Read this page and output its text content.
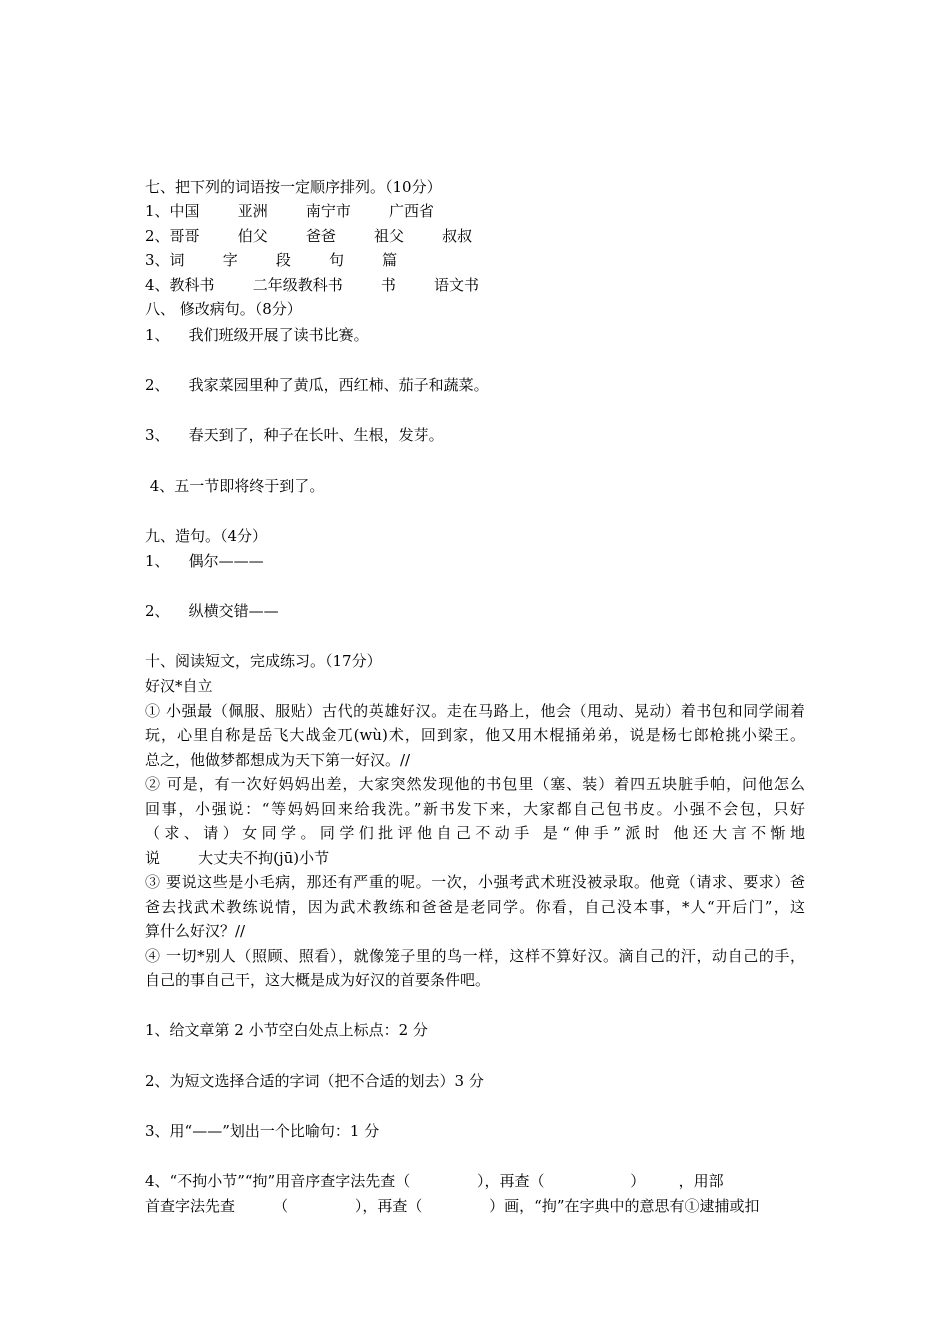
七、把下列的词语按一定顺序排列。（10分）
1、中国        亚洲        南宁市        广西省
2、哥哥        伯父        爸爸        祖父        叔叔
3、词        字        段        句        篇
4、教科书        二年级教科书        书        语文书
八、 修改病句。（8分）
1、    我们班级开展了读书比赛。
2、    我家菜园里种了黄瓜，西红柿、茄子和蔬菜。
3、    春天到了，种子在长叶、生根，发芽。
4、五一节即将终于到了。
九、造句。（4分）
1、    偶尔———
2、    纵横交错——
十、阅读短文，完成练习。（17分）
好汉*自立
① 小强最（佩服、服贴）古代的英雄好汉。走在马路上，他会（甩动、晃动）着书包和同学闹着
玩，心里自称是岳飞大战金兀(wù)术，回到家，他又用木棍捅弟弟，说是杨七郎枪挑小梁王。
总之，他做梦都想成为天下第一好汉。//
② 可是，有一次好妈妈出差，大家突然发现他的书包里（塞、装）着四五块脏手帕，问他怎么
回事，小强说：“等妈妈回来给我洗。”新书发下来，大家都自己包书皮。小强不会包，只好
（求、请）女同学。同学们批评他自己不动手 是“伸手”派时 他还大言不惭地
说        大丈夫不拘(jū)小节
③ 要说这些是小毛病，那还有严重的呢。一次，小强考武术班没被录取。他竟（请求、要求）爸
爸去找武术教练说情，因为武术教练和爸爸是老同学。你看，自己没本事，*人“开后门”，这
算什么好汉？//
④ 一切*别人（照顾、照看），就像笼子里的鸟一样，这样不算好汉。滴自己的汗，动自己的手，
自己的事自己干，这大概是成为好汉的首要条件吧。
1、给文章第 2 小节空白处点上标点：2 分
2、为短文选择合适的字词（把不合适的划去）3 分
3、用“——”划出一个比喻句：1 分
4、“不拘小节”“拘”用音序查字法先查（              ），再查（                  ）       ，用部
首查字法先查        （              ），再查（              ）画，“拘”在字典中的意思有①逮捕或扣
